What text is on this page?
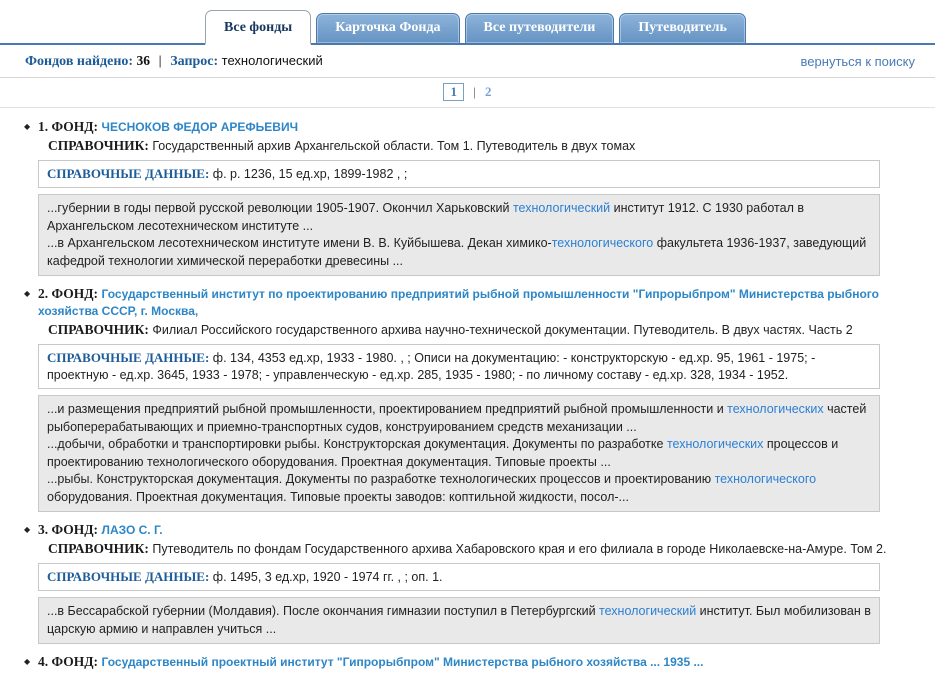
Все фонды	Карточка Фонда	Все путеводители	Путеводитель
Фондов найдено: 36 | Запрос: технологический	вернуться к поиску
1 | 2
◆ 1. ФОНД: ЧЕСНОКОВ ФЕДОР АРЕФЬЕВИЧ
СПРАВОЧНИК: Государственный архив Архангельской области. Том 1. Путеводитель в двух томах
СПРАВОЧНЫЕ ДАННЫЕ: ф. р. 1236, 15 ед.хр, 1899-1982 , ;
...губернии в годы первой русской революции 1905-1907. Окончил Харьковский технологический институт 1912. С 1930 работал в Архангельском лесотехническом институте ...
...в Архангельском лесотехническом институте имени В. В. Куйбышева. Декан химико-технологического факультета 1936-1937, заведующий кафедрой технологии химической переработки древесины ...
◆ 2. ФОНД: Государственный институт по проектированию предприятий рыбной промышленности "Гипрорыбпром" Министерства рыбного хозяйства СССР, г. Москва,
СПРАВОЧНИК: Филиал Российского государственного архива научно-технической документации. Путеводитель. В двух частях. Часть 2
СПРАВОЧНЫЕ ДАННЫЕ: ф. 134, 4353 ед.хр, 1933 - 1980. , ; Описи на документацию: - конструкторскую - ед.хр. 95, 1961 - 1975; - проектную - ед.хр. 3645, 1933 - 1978; - управленческую - ед.хр. 285, 1935 - 1980; - по личному составу - ед.хр. 328, 1934 - 1952.
...и размещения предприятий рыбной промышленности, проектированием предприятий рыбной промышленности и технологических частей рыбоперерабатывающих и приемно-транспортных судов, конструированием средств механизации ...
...добычи, обработки и транспортировки рыбы. Конструкторская документация. Документы по разработке технологических процессов и проектированию технологического оборудования. Проектная документация. Типовые проекты ...
...рыбы. Конструкторская документация. Документы по разработке технологических процессов и проектированию технологического оборудования. Проектная документация. Типовые проекты заводов: коптильной жидкости, посол-...
◆ 3. ФОНД: ЛАЗО С. Г.
СПРАВОЧНИК: Путеводитель по фондам Государственного архива Хабаровского края и его филиала в городе Николаевске-на-Амуре. Том 2.
СПРАВОЧНЫЕ ДАННЫЕ: ф. 1495, 3 ед.хр, 1920 - 1974 гг. , ; оп. 1.
...в Бессарабской губернии (Молдавия). После окончания гимназии поступил в Петербургский технологический институт. Был мобилизован в царскую армию и направлен учиться ...
◆ 4. ФОНД: Государственный проектный институт "Гипрорыбпром" Министерства рыбного хозяйства ... 1935 ...
